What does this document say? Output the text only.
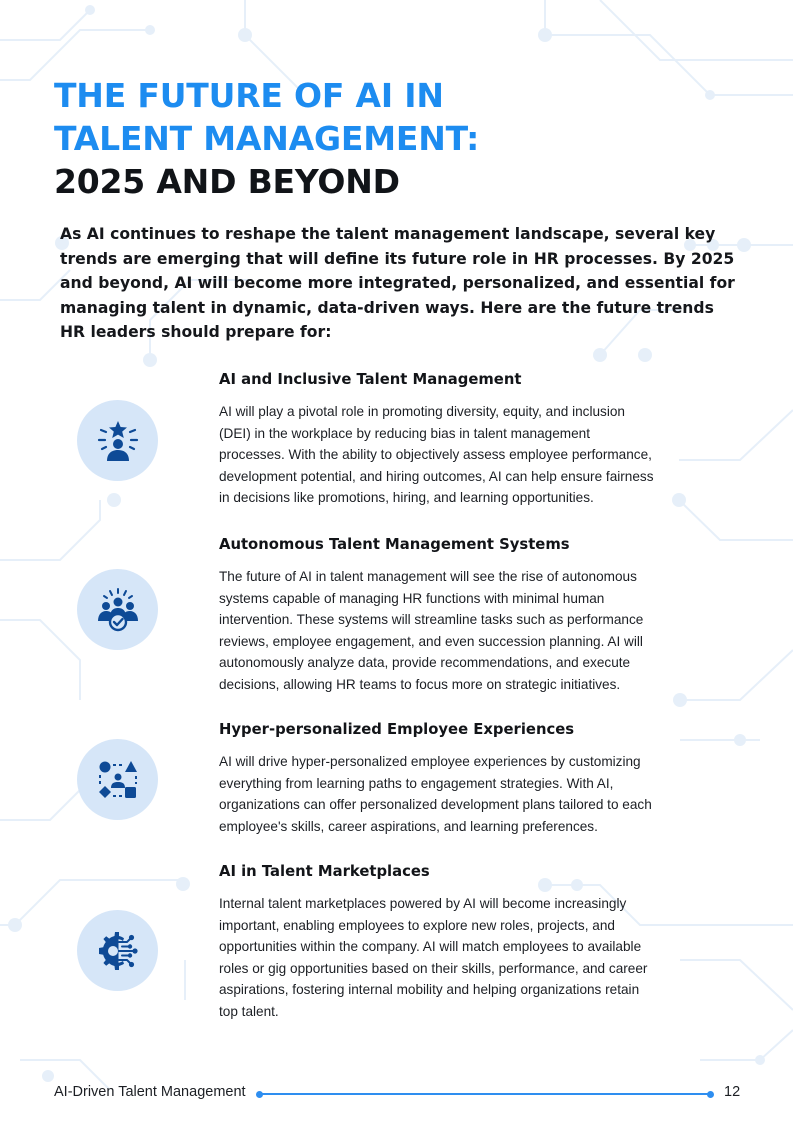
THE FUTURE OF AI IN
TALENT MANAGEMENT:
2025 AND BEYOND

As AI continues to reshape the talent management landscape, several key trends are emerging that will define its future role in HR processes. By 2025 and beyond, AI will become more integrated, personalized, and essential for managing talent in dynamic, data-driven ways. Here are the future trends HR leaders should prepare for:

AI and Inclusive Talent Management

AI will play a pivotal role in promoting diversity, equity, and inclusion (DEI) in the workplace by reducing bias in talent management processes. With the ability to objectively assess employee performance, development potential, and hiring outcomes, AI can help ensure fairness in decisions like promotions, hiring, and learning opportunities.

Autonomous Talent Management Systems

The future of AI in talent management will see the rise of autonomous systems capable of managing HR functions with minimal human intervention. These systems will streamline tasks such as performance reviews, employee engagement, and even succession planning. AI will autonomously analyze data, provide recommendations, and execute decisions, allowing HR teams to focus more on strategic initiatives.

Hyper-personalized Employee Experiences

AI will drive hyper-personalized employee experiences by customizing everything from learning paths to engagement strategies. With AI, organizations can offer personalized development plans tailored to each employee's skills, career aspirations, and learning preferences.

AI in Talent Marketplaces

Internal talent marketplaces powered by AI will become increasingly important, enabling employees to explore new roles, projects, and opportunities within the company. AI will match employees to available roles or gig opportunities based on their skills, performance, and career aspirations, fostering internal mobility and helping organizations retain top talent.

AI-Driven Talent Management	12
